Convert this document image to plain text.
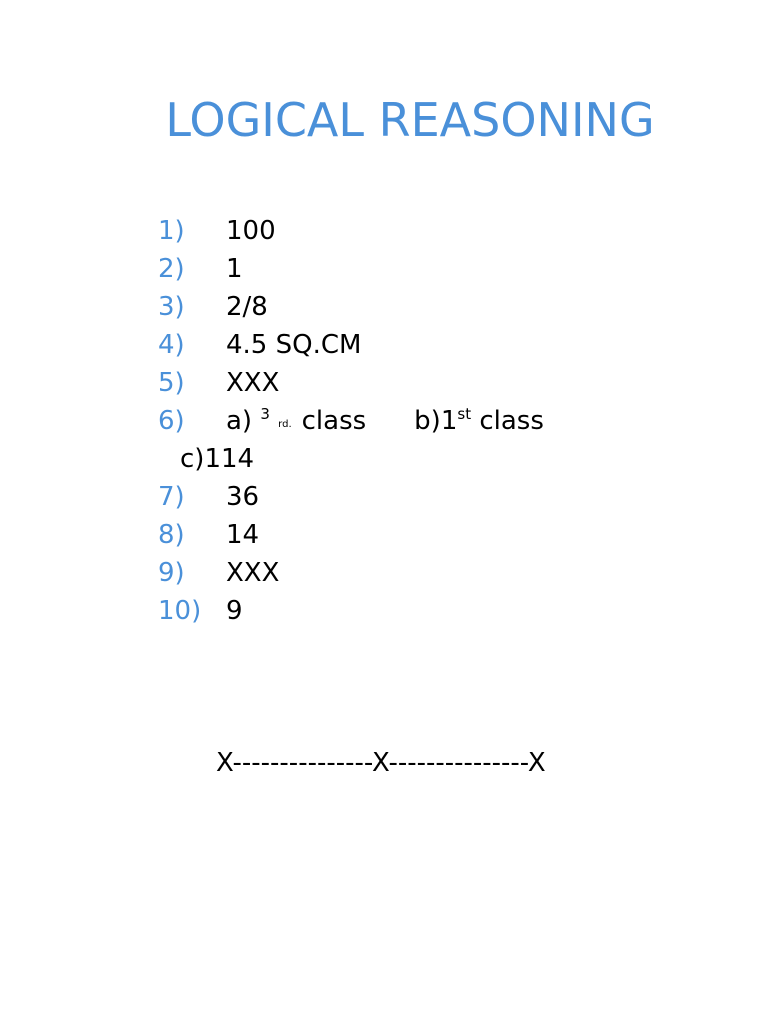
LOGICAL REASONING
1) 100
2) 1
3) 2/8
4) 4.5 SQ.CM
5) XXX
6) a) $^3$ $^{rd.}$ class b)1st class
c)114
7) 36
8) 14
9) XXX
10) 9
X---------------X---------------X
